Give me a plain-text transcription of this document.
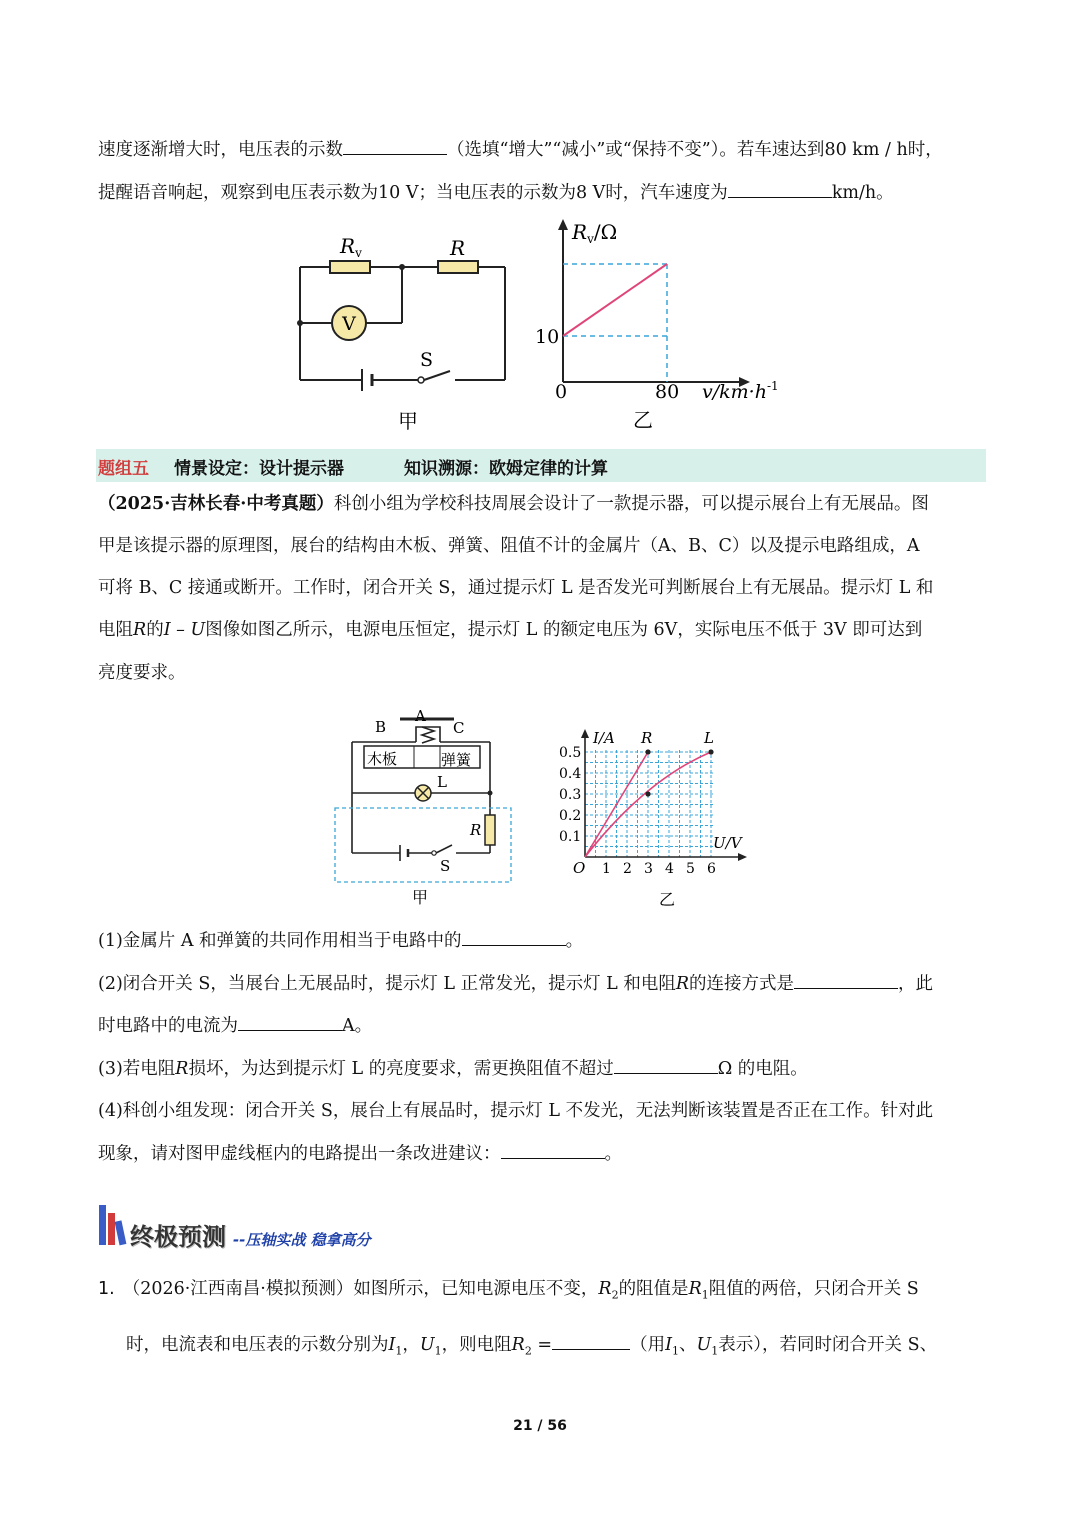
速度逐渐增大时，电压表的示数	（选填“增大”“减小”或“保持不变”）。若车速达到80 km / h时，
提醒语音响起，观察到电压表示数为10 V；当电压表的示数为8 V时，汽车速度为	km/h。
V
$R_v$	R
S
甲
$R_v/\Omega$
10
0	80 $v/km\cdot h^{-1}$
乙
题组五 情景设定：设计提示器	知识溯源：欧姆定律的计算
（2025·吉林长春·中考真题）科创小组为学校科技周展会设计了一款提示器，可以提示展台上有无展品。图
甲是该提示器的原理图，展台的结构由木板、弹簧、阻值不计的金属片（A、B、C）以及提示电路组成，A
可将 B、C 接通或断开。工作时，闭合开关 S，通过提示灯 L 是否发光可判断展台上有无展品。提示灯 L 和
电阻R的I – U图像如图乙所示，电源电压恒定，提示灯 L 的额定电压为 6V，实际电压不低于 3V 即可达到
亮度要求。
A
B	C
木板	弹簧
L
R
S
甲
I/A
U/V
O
R	L
0.1
0.2
0.3
0.4
0.5
1 2 3 4 5 6
乙
(1)金属片 A 和弹簧的共同作用相当于电路中的	。
(2)闭合开关 S，当展台上无展品时，提示灯 L 正常发光，提示灯 L 和电阻R的连接方式是	，此
时电路中的电流为	A。
(3)若电阻R损坏，为达到提示灯 L 的亮度要求，需更换阻值不超过	Ω 的电阻。
(4)科创小组发现：闭合开关 S，展台上有展品时，提示灯 L 不发光，无法判断该装置是否正在工作。针对此
现象，请对图甲虚线框内的电路提出一条改进建议：	。
终极预测 --压轴实战 稳拿高分
1. （2026·江西南昌·模拟预测）如图所示，已知电源电压不变，$R_2$的阻值是$R_1$阻值的两倍，只闭合开关 S
时，电流表和电压表的示数分别为$I_1$，$U_1$，则电阻$R_2$ =	（用$I_1$、$U_1$表示），若同时闭合开关 S、
21 / 56
